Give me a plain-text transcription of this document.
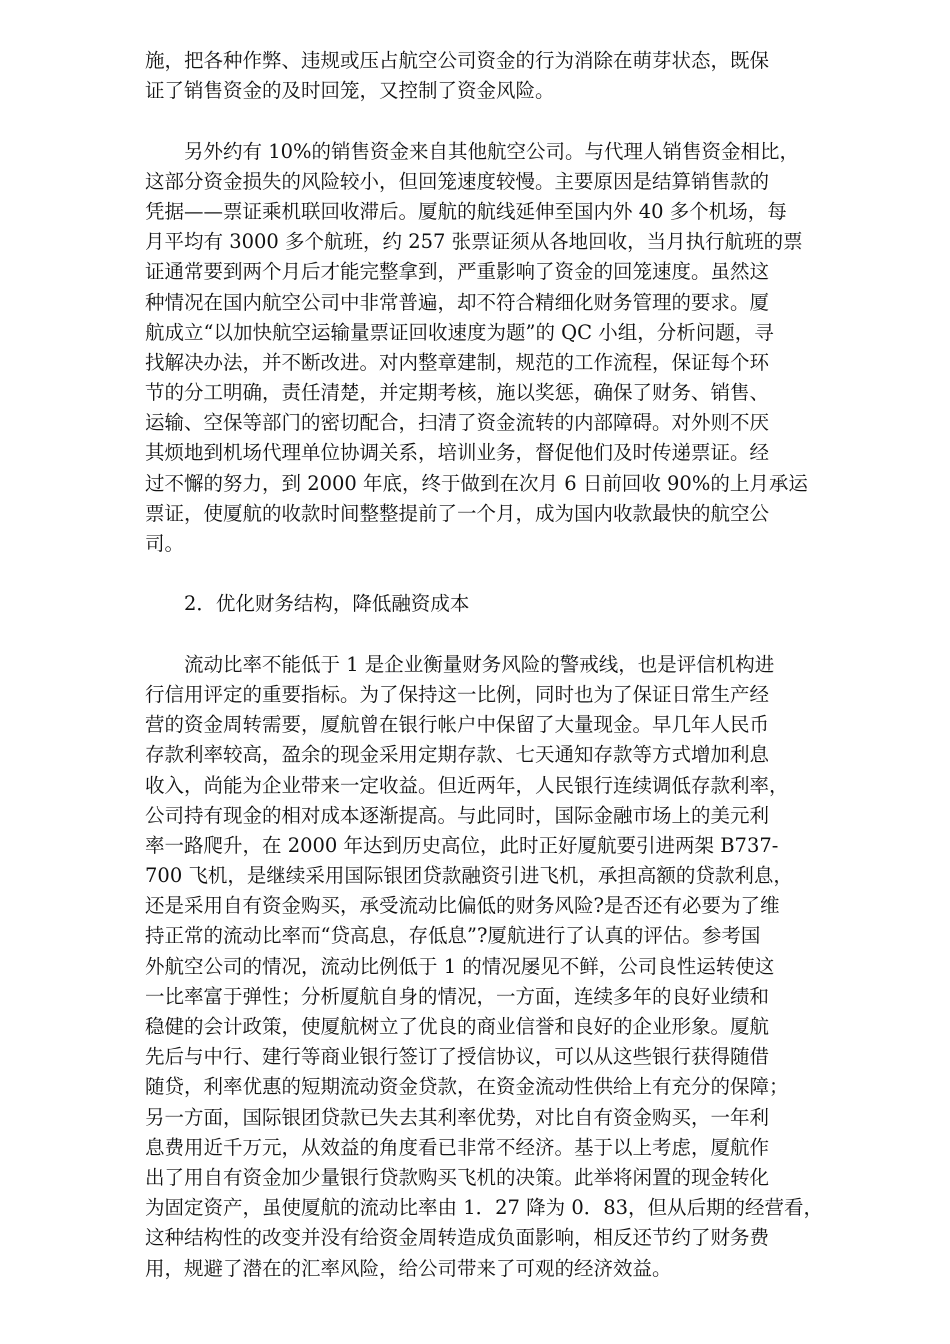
施，把各种作弊、违规或压占航空公司资金的行为消除在萌芽状态，既保
证了销售资金的及时回笼，又控制了资金风险。
　　另外约有 10%的销售资金来自其他航空公司。与代理人销售资金相比，
这部分资金损失的风险较小，但回笼速度较慢。主要原因是结算销售款的
凭据——票证乘机联回收滞后。厦航的航线延伸至国内外 40 多个机场，每
月平均有 3000 多个航班，约 257 张票证须从各地回收，当月执行航班的票
证通常要到两个月后才能完整拿到，严重影响了资金的回笼速度。虽然这
种情况在国内航空公司中非常普遍，却不符合精细化财务管理的要求。厦
航成立“以加快航空运输量票证回收速度为题”的 QC 小组，分析问题，寻
找解决办法，并不断改进。对内整章建制，规范的工作流程，保证每个环
节的分工明确，责任清楚，并定期考核，施以奖惩，确保了财务、销售、
运输、空保等部门的密切配合，扫清了资金流转的内部障碍。对外则不厌
其烦地到机场代理单位协调关系，培训业务，督促他们及时传递票证。经
过不懈的努力，到 2000 年底，终于做到在次月 6 日前回收 90%的上月承运
票证，使厦航的收款时间整整提前了一个月，成为国内收款最快的航空公
司。
　　2．优化财务结构，降低融资成本
　　流动比率不能低于 1 是企业衡量财务风险的警戒线，也是评信机构进
行信用评定的重要指标。为了保持这一比例，同时也为了保证日常生产经
营的资金周转需要，厦航曾在银行帐户中保留了大量现金。早几年人民币
存款利率较高，盈余的现金采用定期存款、七天通知存款等方式增加利息
收入，尚能为企业带来一定收益。但近两年，人民银行连续调低存款利率，
公司持有现金的相对成本逐渐提高。与此同时，国际金融市场上的美元利
率一路爬升，在 2000 年达到历史高位，此时正好厦航要引进两架 B737-
700 飞机，是继续采用国际银团贷款融资引进飞机，承担高额的贷款利息，
还是采用自有资金购买，承受流动比偏低的财务风险?是否还有必要为了维
持正常的流动比率而“贷高息，存低息”?厦航进行了认真的评估。参考国
外航空公司的情况，流动比例低于 1 的情况屡见不鲜，公司良性运转使这
一比率富于弹性；分析厦航自身的情况，一方面，连续多年的良好业绩和
稳健的会计政策，使厦航树立了优良的商业信誉和良好的企业形象。厦航
先后与中行、建行等商业银行签订了授信协议，可以从这些银行获得随借
随贷，利率优惠的短期流动资金贷款，在资金流动性供给上有充分的保障；
另一方面，国际银团贷款已失去其利率优势，对比自有资金购买，一年利
息费用近千万元，从效益的角度看已非常不经济。基于以上考虑，厦航作
出了用自有资金加少量银行贷款购买飞机的决策。此举将闲置的现金转化
为固定资产，虽使厦航的流动比率由 1．27 降为 0．83，但从后期的经营看，
这种结构性的改变并没有给资金周转造成负面影响，相反还节约了财务费
用，规避了潜在的汇率风险，给公司带来了可观的经济效益。
